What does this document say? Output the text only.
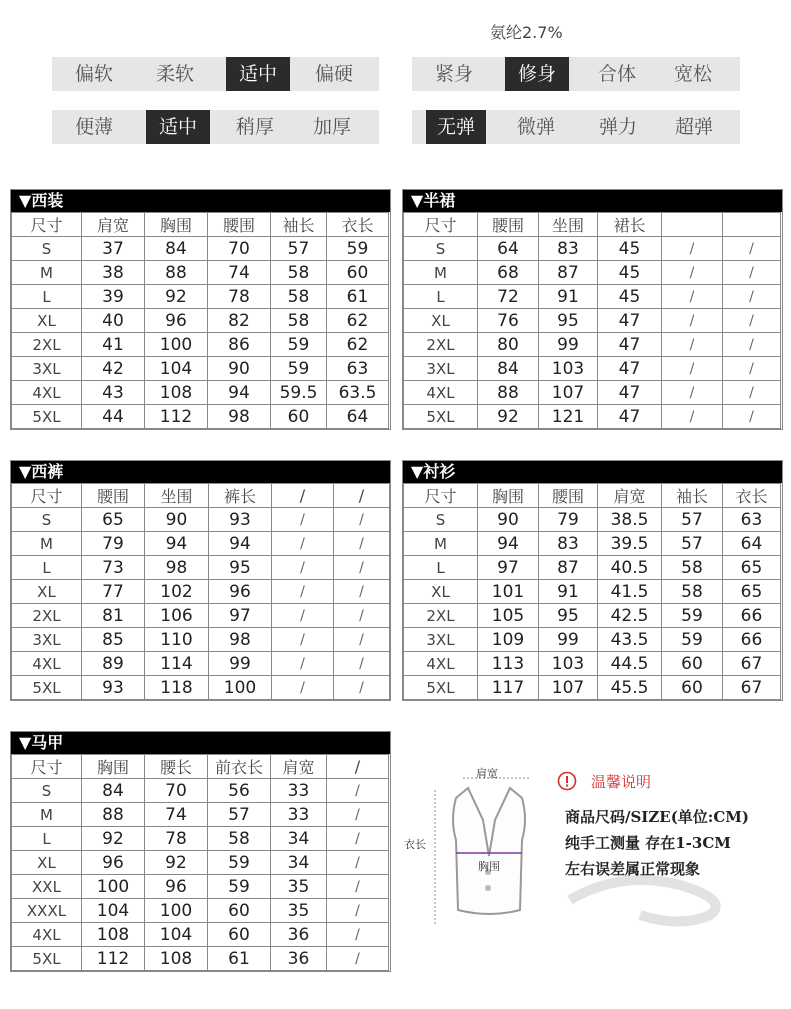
氨纶2.7%
偏软	柔软	适中	偏硬	紧身	修身	合体	宽松
便薄	适中	稍厚	加厚	无弹	微弹	弹力	超弹
▼西装
尺寸	肩宽	胸围	腰围	袖长	衣长
S	37	84	70	57	59
M	38	88	74	58	60
L	39	92	78	58	61
XL	40	96	82	58	62
2XL	41	100	86	59	62
3XL	42	104	90	59	63
4XL	43	108	94	59.5	63.5
5XL	44	112	98	60	64
▼半裙
尺寸	腰围	坐围	裙长		
S	64	83	45	/	/
M	68	87	45	/	/
L	72	91	45	/	/
XL	76	95	47	/	/
2XL	80	99	47	/	/
3XL	84	103	47	/	/
4XL	88	107	47	/	/
5XL	92	121	47	/	/
▼西裤
尺寸	腰围	坐围	裤长	/	/
S	65	90	93	/	/
M	79	94	94	/	/
L	73	98	95	/	/
XL	77	102	96	/	/
2XL	81	106	97	/	/
3XL	85	110	98	/	/
4XL	89	114	99	/	/
5XL	93	118	100	/	/
▼衬衫
尺寸	胸围	腰围	肩宽	袖长	衣长
S	90	79	38.5	57	63
M	94	83	39.5	57	64
L	97	87	40.5	58	65
XL	101	91	41.5	58	65
2XL	105	95	42.5	59	66
3XL	109	99	43.5	59	66
4XL	113	103	44.5	60	67
5XL	117	107	45.5	60	67
▼马甲
尺寸	胸围	腰长	前衣长	肩宽	/
S	84	70	56	33	/
M	88	74	57	33	/
L	92	78	58	34	/
XL	96	92	59	34	/
XXL	100	96	59	35	/
XXXL	104	100	60	35	/
4XL	108	104	60	36	/
5XL	112	108	61	36	/
肩宽
衣长
胸围
温馨说明
商品尺码/SIZE(单位:CM)
纯手工测量 存在1-3CM
左右误差属正常现象
